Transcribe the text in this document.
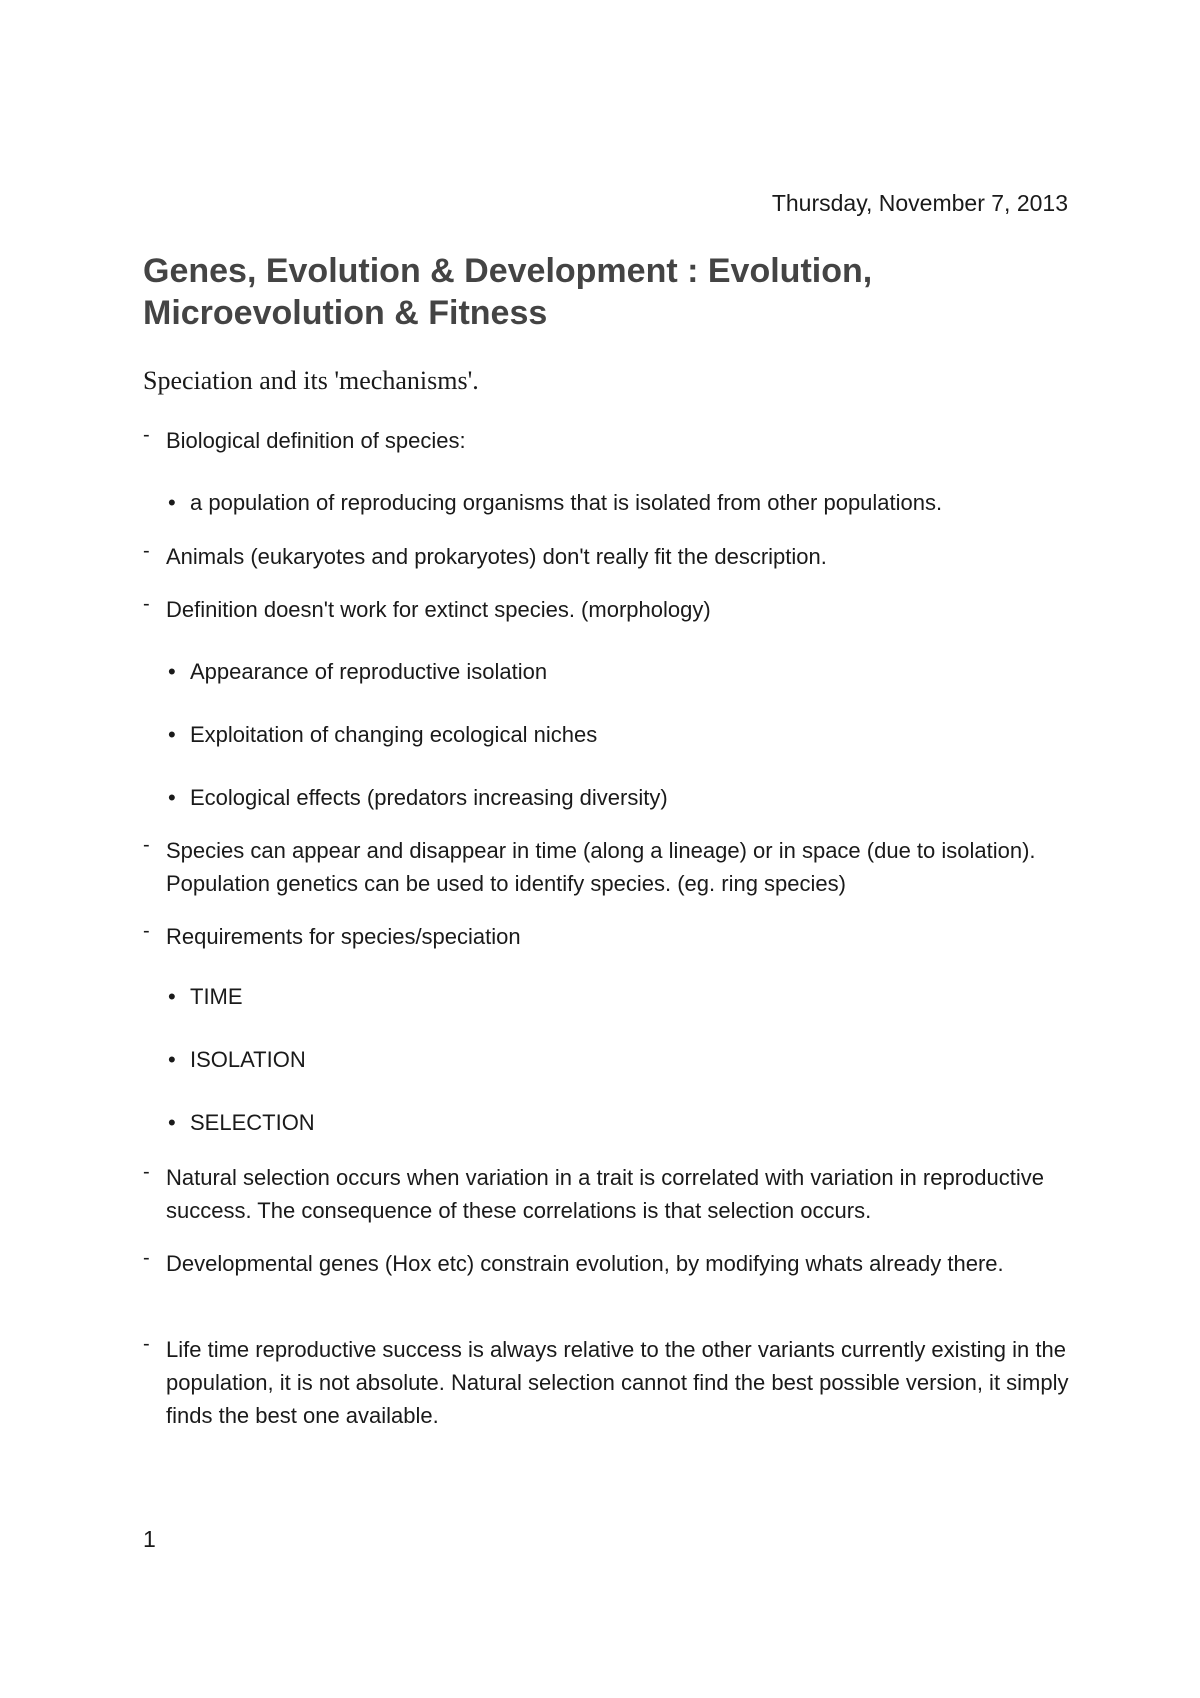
Thursday, November 7, 2013
Genes, Evolution & Development : Evolution, Microevolution & Fitness
Speciation and its 'mechanisms'.
- Biological definition of species:
• a population of reproducing organisms that is isolated from other populations.
- Animals (eukaryotes and prokaryotes) don't really fit the description.
- Definition doesn't work for extinct species. (morphology)
• Appearance of reproductive isolation
• Exploitation of changing ecological niches
• Ecological effects (predators increasing diversity)
- Species can appear and disappear in time (along a lineage) or in space (due to isolation). Population genetics can be used to identify species. (eg. ring species)
- Requirements for species/speciation
• TIME
• ISOLATION
• SELECTION
- Natural selection occurs when variation in a trait is correlated with variation in reproductive success. The consequence of these correlations is that selection occurs.
- Developmental genes (Hox etc) constrain evolution, by modifying whats already there.
- Life time reproductive success is always relative to the other variants currently existing in the population, it is not absolute. Natural selection cannot find the best possible version, it simply finds the best one available.
1
